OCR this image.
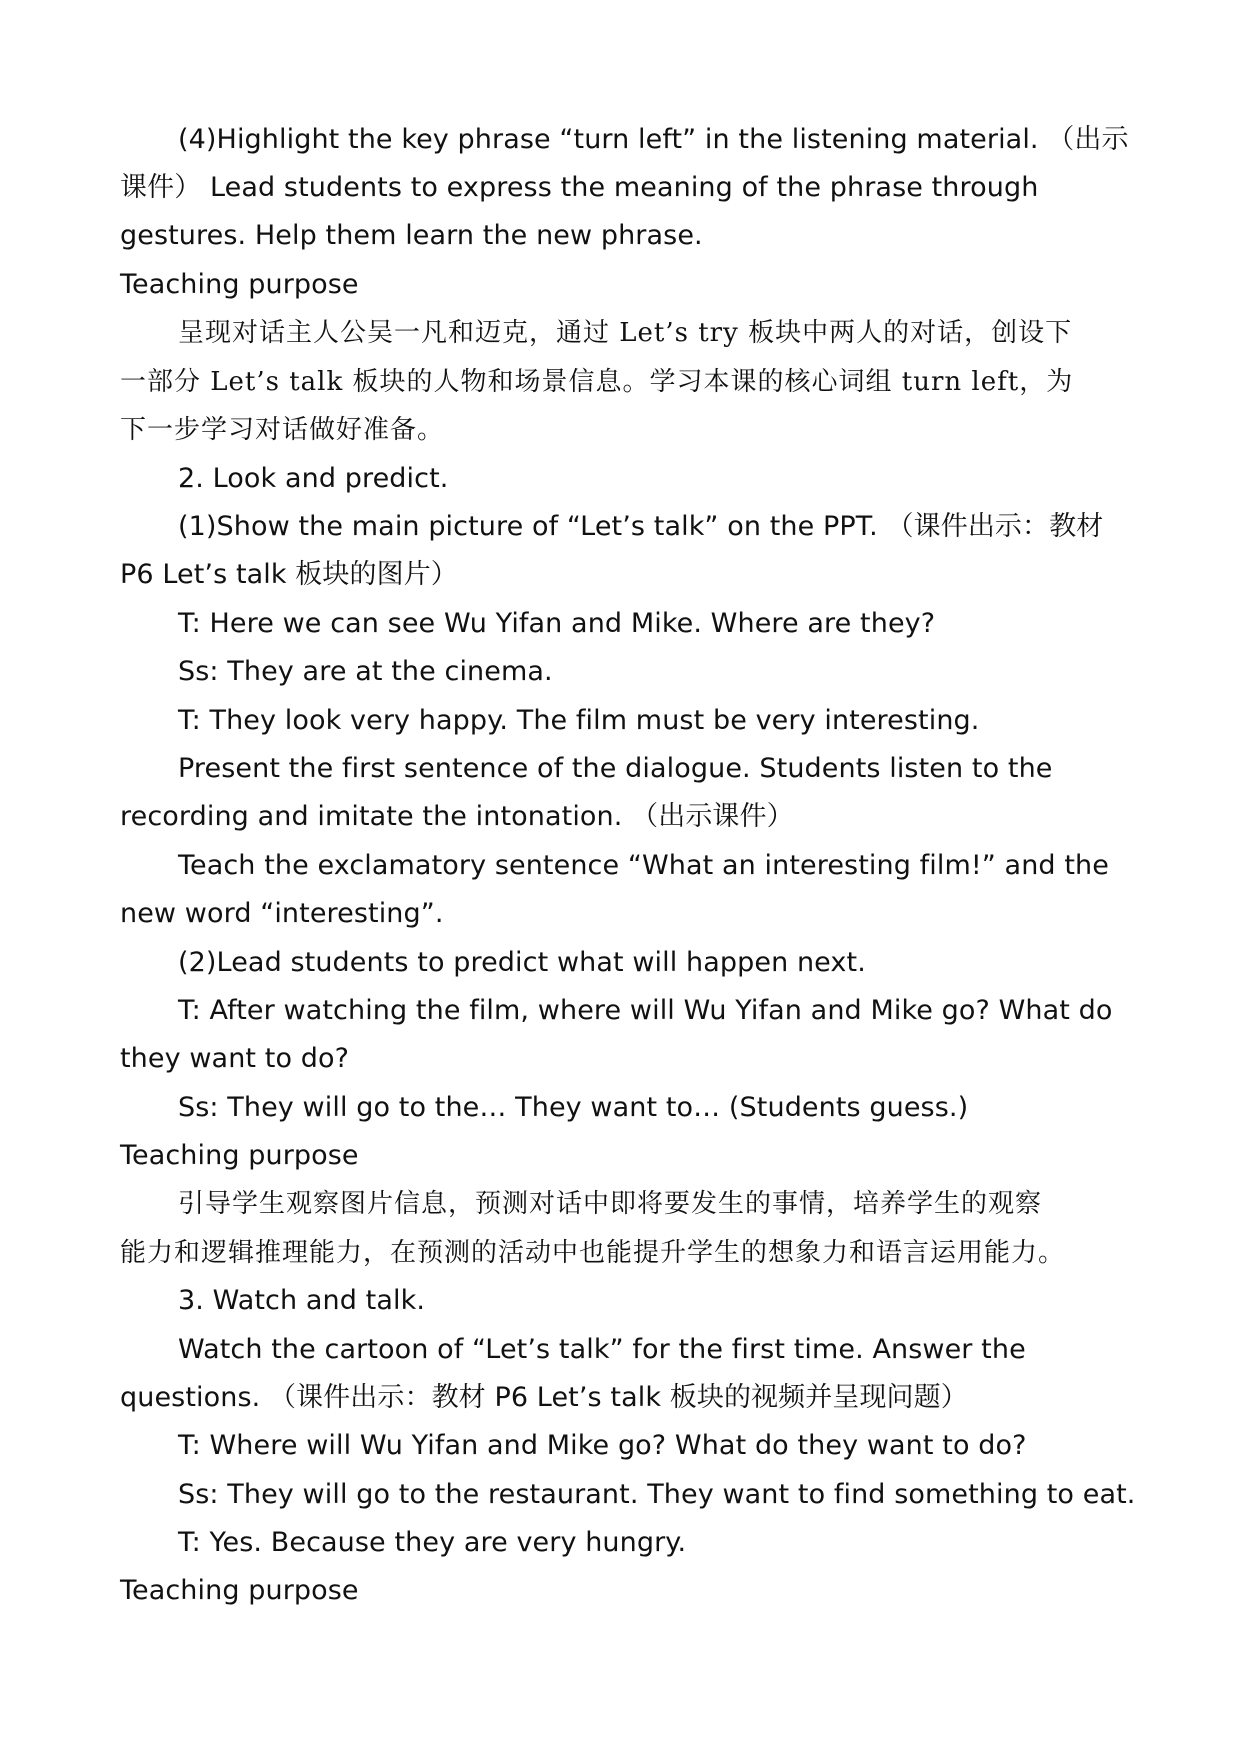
(4)Highlight the key phrase “turn left” in the listening material. （出示
课件） Lead students to express the meaning of the phrase through
gestures. Help them learn the new phrase.
Teaching purpose
呈现对话主人公吴一凡和迈克，通过 Let’s try 板块中两人的对话，创设下
一部分 Let’s talk 板块的人物和场景信息。学习本课的核心词组 turn left，为
下一步学习对话做好准备。
2. Look and predict.
(1)Show the main picture of “Let’s talk” on the PPT. （课件出示：教材
P6 Let’s talk 板块的图片）
T: Here we can see Wu Yifan and Mike. Where are they?
Ss: They are at the cinema.
T: They look very happy. The film must be very interesting.
Present the first sentence of the dialogue. Students listen to the
recording and imitate the intonation. （出示课件）
Teach the exclamatory sentence “What an interesting film!” and the
new word “interesting”.
(2)Lead students to predict what will happen next.
T: After watching the film, where will Wu Yifan and Mike go? What do
they want to do?
Ss: They will go to the… They want to… (Students guess.)
Teaching purpose
引导学生观察图片信息，预测对话中即将要发生的事情，培养学生的观察
能力和逻辑推理能力，在预测的活动中也能提升学生的想象力和语言运用能力。
3. Watch and talk.
Watch the cartoon of “Let’s talk” for the first time. Answer the
questions. （课件出示：教材 P6 Let’s talk 板块的视频并呈现问题）
T: Where will Wu Yifan and Mike go? What do they want to do?
Ss: They will go to the restaurant. They want to find something to eat.
T: Yes. Because they are very hungry.
Teaching purpose
